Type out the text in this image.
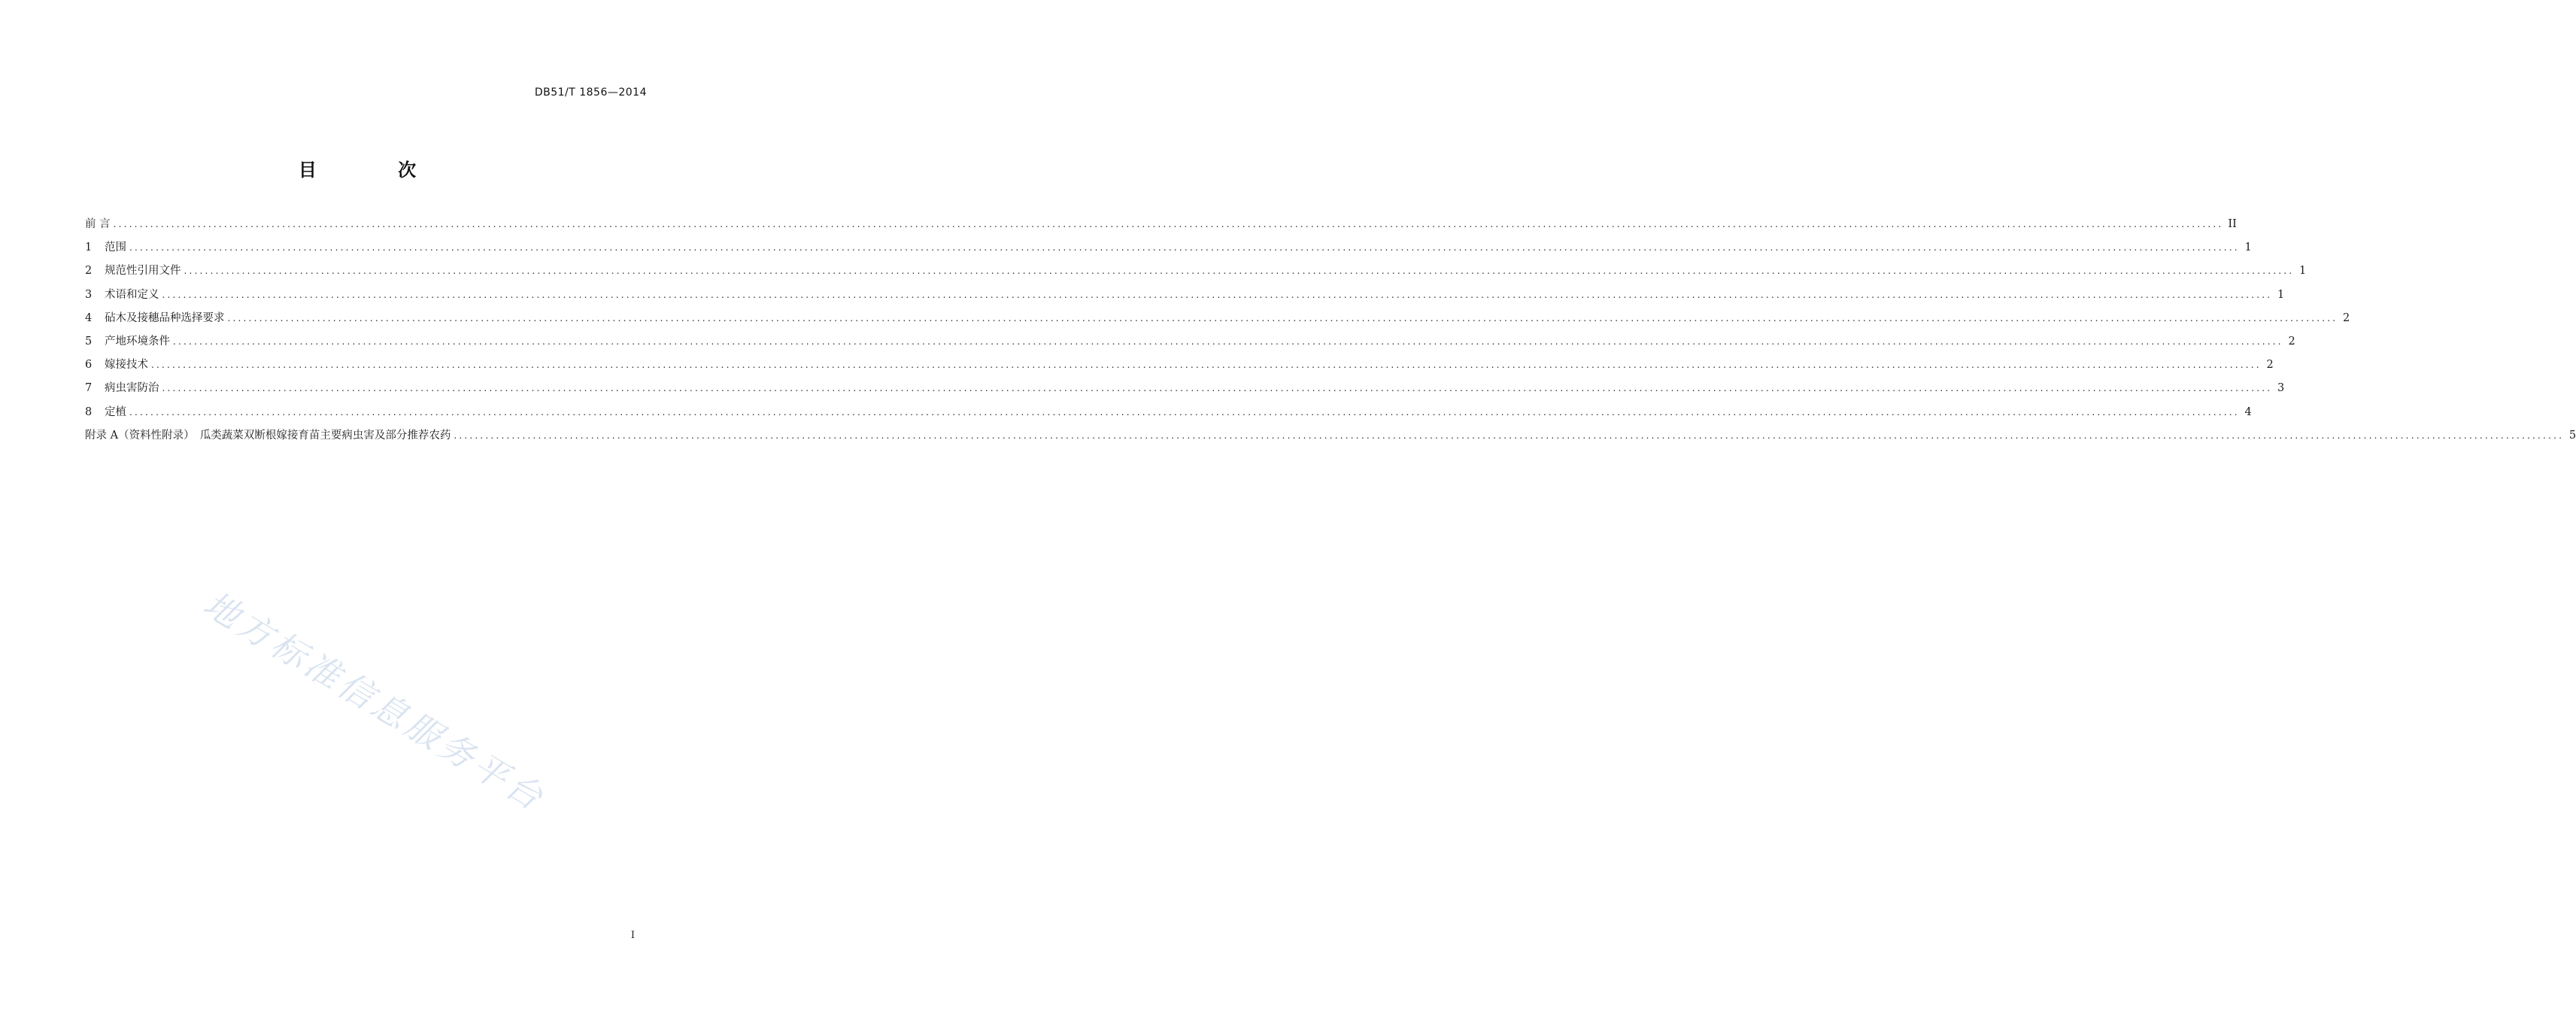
DB51/T 1856—2014
目 次
前 言 ................................................................................................................................................................................................................................................................................................................................................................................................................ II
1	范围 ................................................................................................................................................................................................................................................................................................................................................................................................................ 1
2	规范性引用文件 ................................................................................................................................................................................................................................................................................................................................................................................................................ 1
3	术语和定义 ................................................................................................................................................................................................................................................................................................................................................................................................................ 1
4	砧木及接穗品种选择要求 ................................................................................................................................................................................................................................................................................................................................................................................................................ 2
5	产地环境条件 ................................................................................................................................................................................................................................................................................................................................................................................................................ 2
6	嫁接技术 ................................................................................................................................................................................................................................................................................................................................................................................................................ 2
7	病虫害防治 ................................................................................................................................................................................................................................................................................................................................................................................................................ 3
8	定植 ................................................................................................................................................................................................................................................................................................................................................................................................................ 4
附录 A（资料性附录）　瓜类蔬菜双断根嫁接育苗主要病虫害及部分推荐农药 ................................................................................................................................................................................................................................................................................................................................................................................................................ 5
地方标准信息服务平台
I
